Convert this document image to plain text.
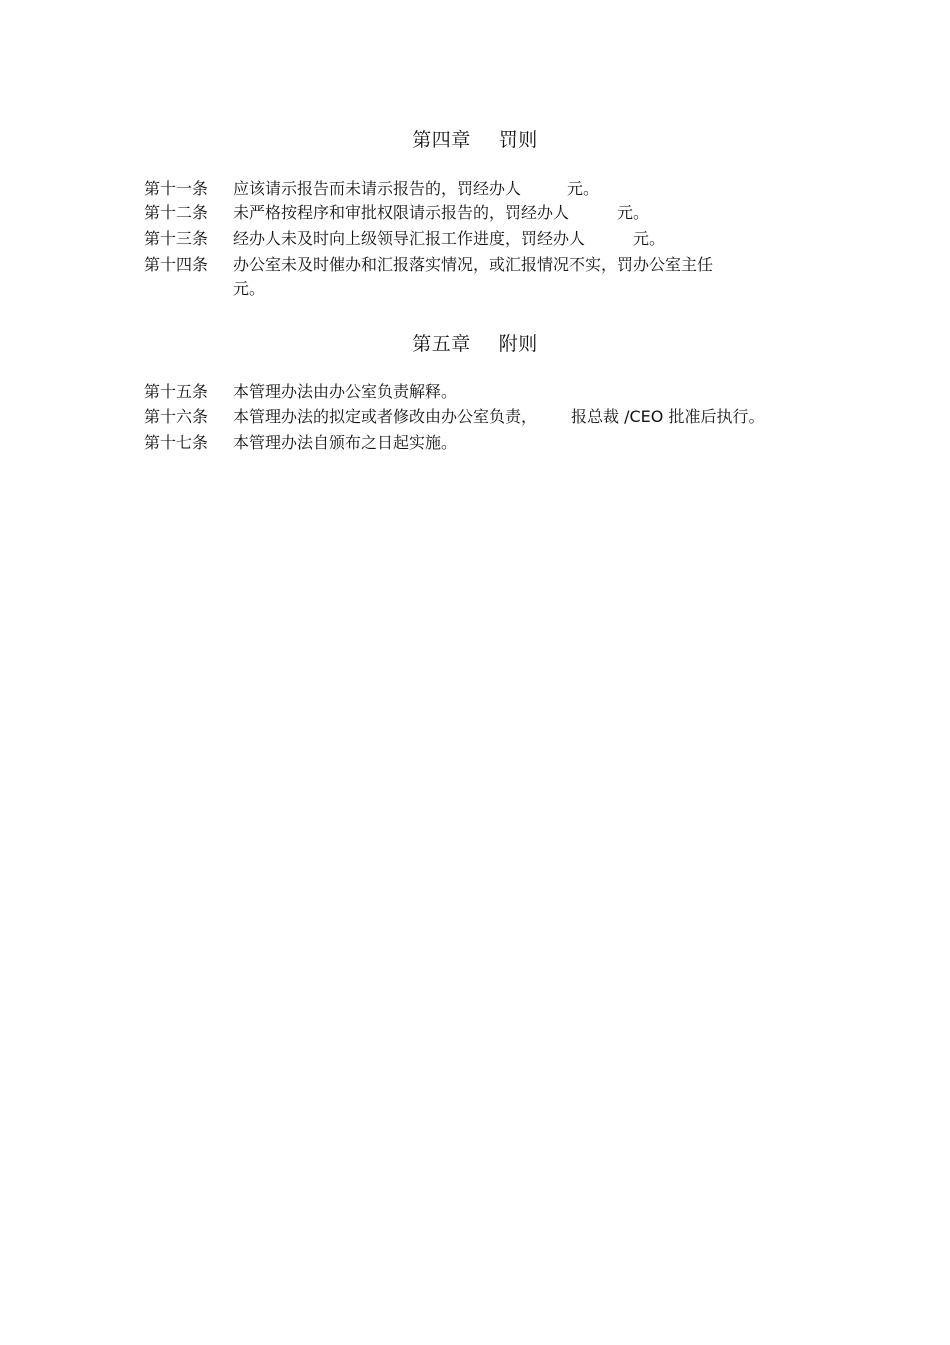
第四章 罚则
第十一条 应该请示报告而未请示报告的，罚经办人	元。
第十二条 未严格按程序和审批权限请示报告的，罚经办人	元。
第十三条 经办人未及时向上级领导汇报工作进度，罚经办人	元。
第十四条 办公室未及时催办和汇报落实情况，或汇报情况不实，罚办公室主任
元。
第五章 附则
第十五条 本管理办法由办公室负责解释。
第十六条 本管理办法的拟定或者修改由办公室负责， 报总裁 /CEO 批准后执行。
第十七条 本管理办法自颁布之日起实施。
